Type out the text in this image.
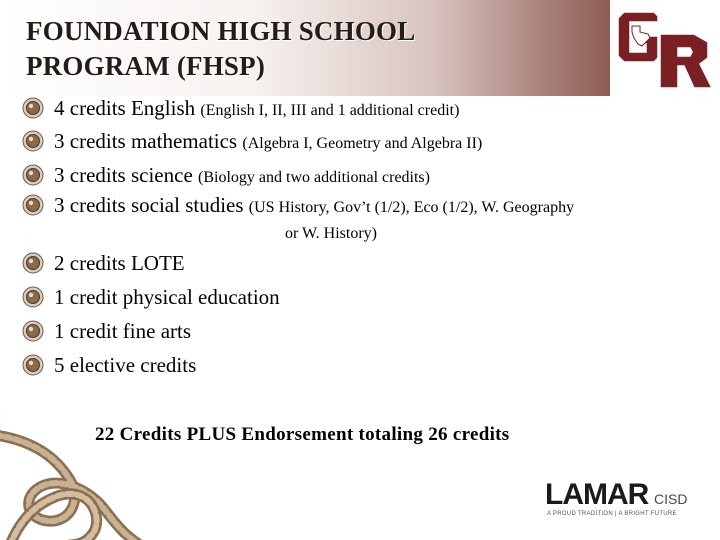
FOUNDATION HIGH SCHOOL
PROGRAM (FHSP)
4 credits English (English I, II, III and 1 additional credit)
3 credits mathematics (Algebra I, Geometry and Algebra II)
3 credits science (Biology and two additional credits)
3 credits social studies (US History, Gov’t (1/2), Eco (1/2), W. Geography
or W. History)
2 credits LOTE
1 credit physical education
1 credit fine arts
5 elective credits
22 Credits PLUS Endorsement totaling 26 credits
LAMAR CISD
A PROUD TRADITION | A BRIGHT FUTURE
